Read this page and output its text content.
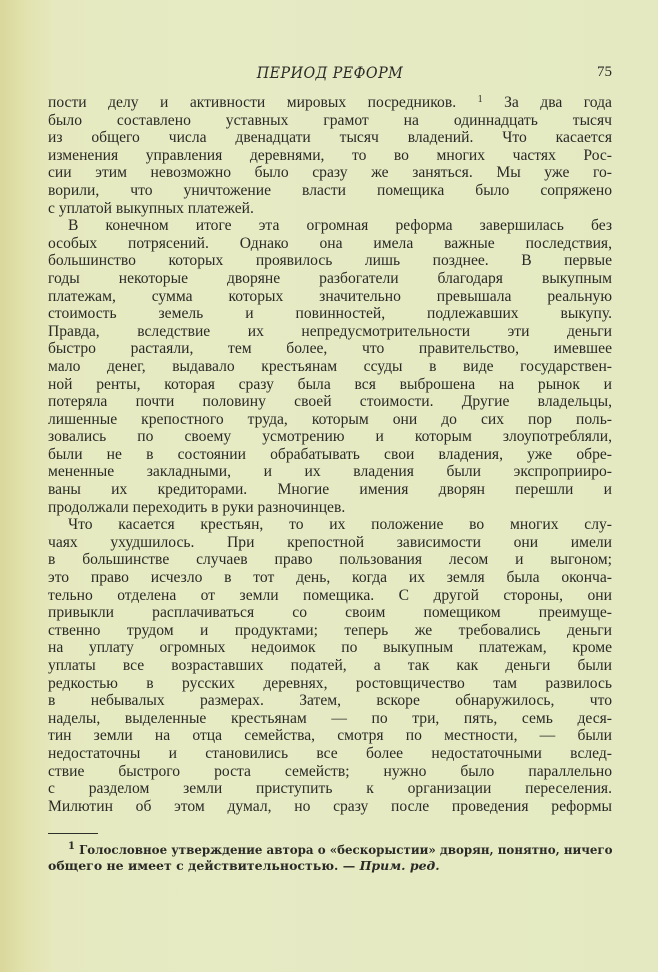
ПЕРИОД РЕФОРМ	75
пости делу и активности мировых посредников. $^1$ За два года
было составлено уставных грамот на одиннадцать тысяч
из общего числа двенадцати тысяч владений. Что касается
изменения управления деревнями, то во многих частях Рос-
сии этим невозможно было сразу же заняться. Мы уже го-
ворили, что уничтожение власти помещика было сопряжено
с уплатой выкупных платежей.
В конечном итоге эта огромная реформа завершилась без
особых потрясений. Однако она имела важные последствия,
большинство которых проявилось лишь позднее. В первые
годы некоторые дворяне разбогатели благодаря выкупным
платежам, сумма которых значительно превышала реальную
стоимость земель и повинностей, подлежавших выкупу.
Правда, вследствие их непредусмотрительности эти деньги
быстро растаяли, тем более, что правительство, имевшее
мало денег, выдавало крестьянам ссуды в виде государствен-
ной ренты, которая сразу была вся выброшена на рынок и
потеряла почти половину своей стоимости. Другие владельцы,
лишенные крепостного труда, которым они до сих пор поль-
зовались по своему усмотрению и которым злоупотребляли,
были не в состоянии обрабатывать свои владения, уже обре-
мененные закладными, и их владения были экспроприиро-
ваны их кредиторами. Многие имения дворян перешли и
продолжали переходить в руки разночинцев.
Что касается крестьян, то их положение во многих слу-
чаях ухудшилось. При крепостной зависимости они имели
в большинстве случаев право пользования лесом и выгоном;
это право исчезло в тот день, когда их земля была оконча-
тельно отделена от земли помещика. С другой стороны, они
привыкли расплачиваться со своим помещиком преимуще-
ственно трудом и продуктами; теперь же требовались деньги
на уплату огромных недоимок по выкупным платежам, кроме
уплаты все возраставших податей, а так как деньги были
редкостью в русских деревнях, ростовщичество там развилось
в небывалых размерах. Затем, вскоре обнаружилось, что
наделы, выделенные крестьянам — по три, пять, семь деся-
тин земли на отца семейства, смотря по местности, — были
недостаточны и становились все более недостаточными вслед-
ствие быстрого роста семейств; нужно было параллельно
с разделом земли приступить к организации переселения.
Милютин об этом думал, но сразу после проведения реформы
$^1$ Голословное утверждение автора о «бескорыстии» дворян, понятно, ничего
общего не имеет с действительностью. — Прим. ред.
